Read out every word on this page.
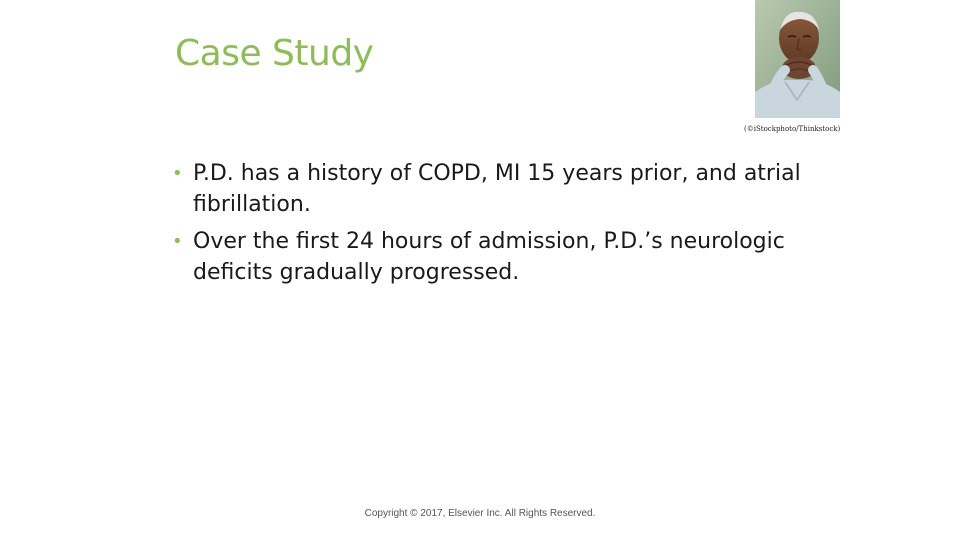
Case Study
(©iStockphoto/Thinkstock)
• P.D. has a history of COPD, MI 15 years prior, and atrial fibrillation.
• Over the first 24 hours of admission, P.D.’s neurologic deficits gradually progressed.
Copyright © 2017, Elsevier Inc. All Rights Reserved.
